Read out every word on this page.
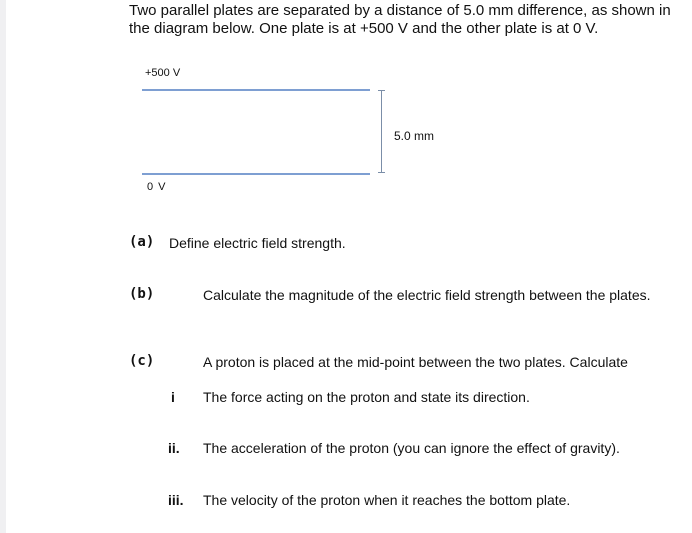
Two parallel plates are separated by a distance of 5.0 mm difference, as shown in the diagram below. One plate is at +500 V and the other plate is at 0 V.
+500 V
0 V
5.0 mm
(a) Define electric field strength.
(b)	Calculate the magnitude of the electric field strength between the plates.
(c)	A proton is placed at the mid-point between the two plates. Calculate
i The force acting on the proton and state its direction.
ii. The acceleration of the proton (you can ignore the effect of gravity).
iii. The velocity of the proton when it reaches the bottom plate.
